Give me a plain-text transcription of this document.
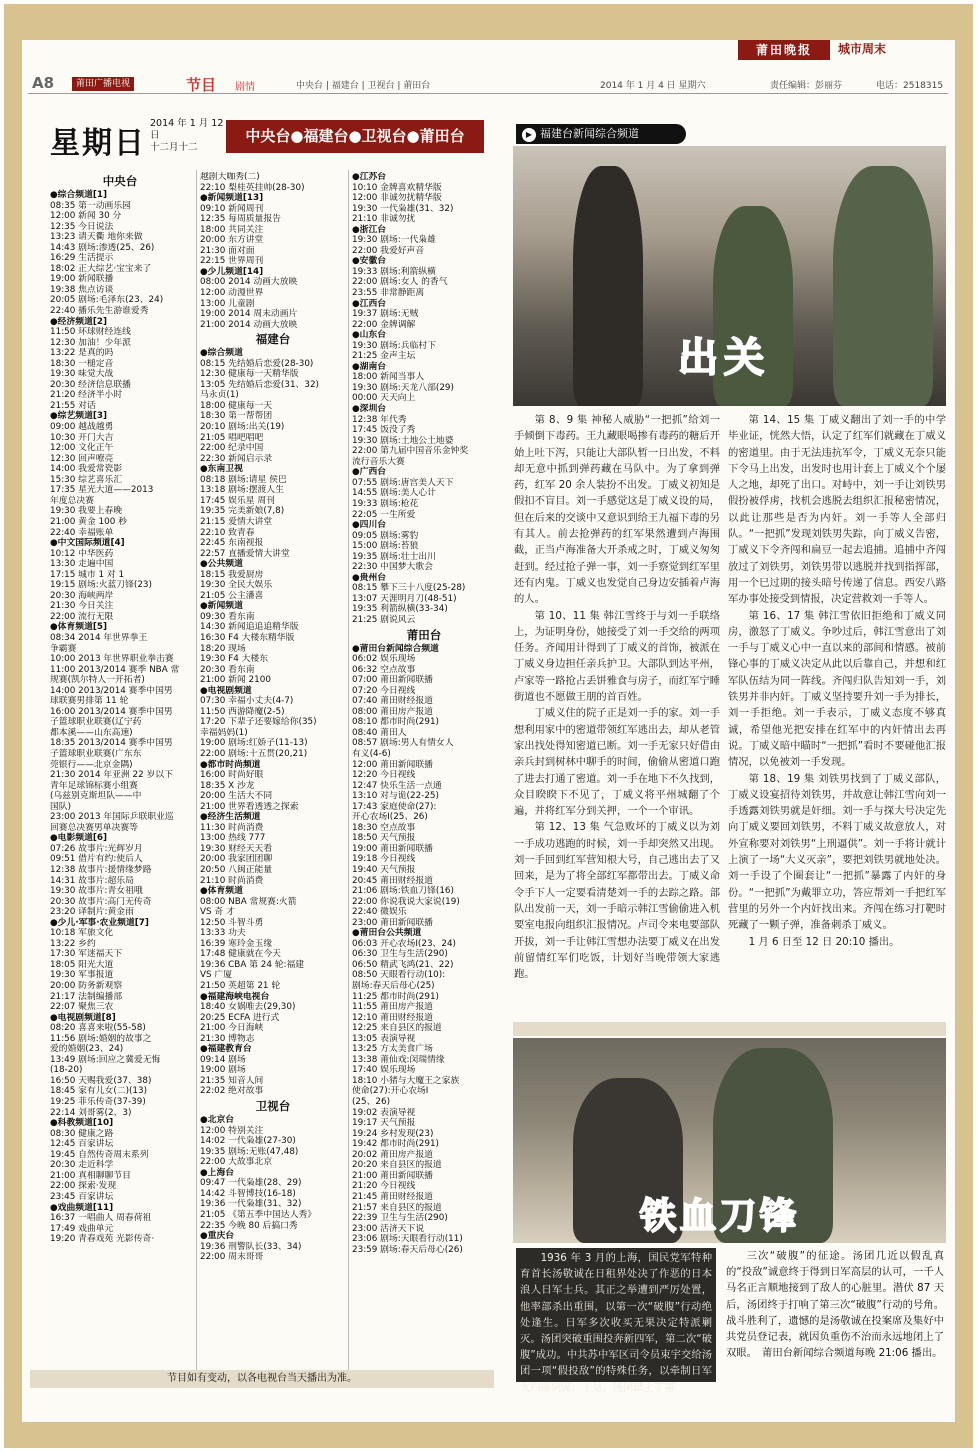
莆田晚报	城市周末
A8	莆田广播电视	节目 剧情	中央台 | 福建台 | 卫视台 | 莆田台	2014 年 1 月 4 日 星期六	责任编辑：彭丽芬	电话：2518315
星期日
2014 年 1 月 12 日
十二月十二
中央台●福建台●卫视台●莆田台
中央台
●综合频道[1]
08:35 第一动画乐园
12:00 新闻 30 分
12:35 今日说法
13:23 请天衢 地你来做
14:43 剧场:渗透(25、26)
16:29 生活提示
18:02 正大综艺·宝宝来了
19:00 新闻联播
19:38 焦点访谈
20:05 剧场:毛泽东(23、24)
22:40 播乐先生游谁爱秀
●经济频道[2]
11:50 环球财经连线
12:30 加油！少年派
13:22 是真的吗
18:30 一槌定音
19:30 味觉大战
20:30 经济信息联播
21:20 经济半小时
21:55 对话
●综艺频道[3]
09:00 越战越勇
10:30 开门大吉
12:00 文化正午
12:30 回声嘹亮
14:00 我爱常瓷影
15:30 综艺喜乐汇
17:35 星光大道——2013
年度总决赛
19:30 我要上春晚
21:00 黄金 100 秒
22:40 幸福账单
●中文国际频道[4]
10:12 中华医药
13:30 走遍中国
17:15 城市 1 对 1
19:15 剧场:火蓝刀锋(23)
20:30 海峡两岸
21:30 今日关注
22:00 流行无限
●体育频道[5]
08:34 2014 年世界拳王
争霸赛
10:00 2013 年世界职业拳击赛
11:00 2013/2014 赛季 NBA 常
规赛(凯尔特人一开拓者)
14:00 2013/2014 赛季中国男
球联赛男排第 11 轮
16:00 2013/2014 赛季中国男
子篮球职业联赛(辽宁药
都本溪——山东高速)
18:35 2013/2014 赛季中国男
子篮球职业联赛(广东东
莞银行——北京金隅)
21:30 2014 年亚洲 22 岁以下
青年足球锦标赛小组赛
(乌兹别克斯坦队——中
国队)
23:00 2013 年国际乒联职业巡
回赛总决赛男单决赛等
●电影频道[6]
07:26 故事片:光辉岁月
09:51 借片有约:使后人
12:38 故事片:援情缘梦路
14:31 故事片:超乐局
19:30 故事片:青女祖哦
20:30 故事片:高门无传奇
23:20 译制片:黄金雨
●少儿·军事·农业频道[7]
10:18 军旅文化
13:22 乡约
17:30 军迷福天下
18:05 阳光大道
19:30 军事报道
20:00 防务新观察
21:17 法制编播部
22:07 聚焦三农
●电视剧频道[8]
08:20 喜喜来啦(55-58)
11:56 剧场:婚姻的故事之
爱的婚姻(23、24)
13:49 剧场:回应之冀爱无悔
(18-20)
16:50 天赐我爱(37、38)
18:45 家有儿女(二)(13)
19:25 菲乐传奇(37-39)
22:14 刘哥雾(2、3)
●科教频道[10]
08:30 健康之路
12:45 百家讲坛
19:45 自然传奇周末系列
20:30 走近科学
21:00 真相聊聊节目
22:00 探索·发现
23:45 百家讲坛
●戏曲频道[11]
16:37 一唱曲人 周春荷祖
17:49 戏曲单元
19:20 青春戏苑 光影传奇·
越剧大咖秀(二)
22:10 梨桂英挂帅(28-30)
●新闻频道[13]
09:10 新闻周刊
12:35 每周质量报告
18:00 共同关注
20:00 东方讲堂
21:30 面对面
22:15 世界周刊
●少儿频道[14]
08:00 2014 动画大放映
12:00 动漫世界
13:00 儿童剧
19:00 2014 周末动画片
21:00 2014 动画大放映
福建台
●综合频道
08:15 先结婚后恋爱(28-30)
12:30 健康每一天精华版
13:05 先结婚后恋爱(31、32)
马永贞(1)
18:00 健康每一天
18:30 第一帮帮团
20:10 剧场:出关(19)
21:05 唱吧唱吧
22:00 纪录中国
22:30 新闻启示录
●东南卫视
08:18 剧场:请星 侯巴
13:18 剧场:摆渡人生
17:45 娱乐星 周刊
19:35 完美新娘(7,8)
21:15 爱情大讲堂
22:10 致青春
22:45 东南视报
22:57 直播爱情大讲堂
●公共频道
18:15 我爱厨房
19:30 全民大娱乐
21:05 公主潘喜
●新闻频道
09:30 看东南
14:30 新闻追追追精华版
16:30 F4 大楼东精华版
18:20 现场
19:30 F4 大楼东
20:30 看东南
21:00 新闻 2100
●电视剧频道
07:30 幸福小丈夫(4-7)
11:50 西游降魔(2-5)
17:20 下辈子还要嫁给你(35)
幸福妈妈(1)
19:00 剧场:红娇子(11-13)
22:00 剧场:十五贯(20,21)
●都市时尚频道
16:00 时尚好眼
18:35 X 沙龙
20:00 生活大不同
21:00 世界看透透之探索
●经济生活频道
11:30 时尚消费
13:00 热线 777
19:30 财经天天看
20:00 我家团团聊
20:50 八闽正能量
21:10 时尚消费
●体育频道
08:00 NBA 常规赛:火箭
VS 奇 才
12:50 斗智斗勇
13:33 功夫
16:39 寒玲金玉缘
17:48 健康就在今天
19:36 CBA 第 24 轮:福建
VS 广厦
21:50 英超第 21 轮
●福建海峡电视台
18:40 女娲唯去(29,30)
20:25 ECFA 进行式
21:00 今日海峡
21:30 博物志
●福建教育台
09:14 剧场
19:00 剧场
21:35 知音人间
22:02 绝对故事
卫视台
●北京台
12:00 特别关注
14:02 一代枭雄(27-30)
19:35 剧场:无账(47,48)
22:00 大故事北京
●上海台
09:47 一代枭雄(28、29)
14:42 斗智博技(16-18)
19:36 一代枭雄(31、32)
21:05 《第五季中国达人秀》
22:35 今晚 80 后搞口秀
●重庆台
19:36 刑警队长(33、34)
22:00 周末哥哥
●江苏台
10:10 金牌喜欢精华版
12:00 非诚勿扰精华版
19:30 一代枭雄(31、32)
21:10 非诚勿扰
●浙江台
19:30 剧场:一代枭雄
22:00 我爱好声音
●安徽台
19:33 剧场:利箭纵横
22:00 剧场:女人 的香气
23:55 非常静距离
●江西台
19:37 剧场:无贼
22:00 金牌调解
●山东台
19:30 剧场:兵临村下
21:25 金声主坛
●湖南台
18:00 新闻当事人
19:30 剧场:天龙八部(29)
00:00 天天向上
●深圳台
12:38 年代秀
17:45 饭没了秀
19:30 剧场:土地公土地婆
22:00 第九届中国音乐金钟奖
流行音乐大赛
●广西台
07:55 剧场:唐宫美人天下
14:55 剧场:美人心计
19:33 剧场:枪花
22:05 一生所爱
●四川台
09:05 剧场:雾豹
15:00 剧场:苔狼
19:35 剧场:壮士出川
22:30 中国梦大歌会
●贵州台
08:15 攀下三十八度(25-28)
13:07 天涯明月刀(48-51)
19:35 利箭纵横(33-34)
21:25 剧说风云
莆田台
●莆田台新闻综合频道
06:02 娱乐现场
06:32 空点故事
07:00 莆田新闻联播
07:20 今日视线
07:40 莆田财经报道
08:00 莆田房产报道
08:10 都市时尚(291)
08:40 莆田人
08:57 剧场:男人有情女人
有义(4-6)
12:00 莆田新闻联播
12:20 今日视线
12:47 快乐生活一点通
13:10 对与诡(22-25)
17:43 家庭使命(27):
开心农场Ⅰ(25、26)
18:30 空点故事
18:50 天气预报
19:00 莆田新闻联播
19:18 今日视线
19:40 天气预报
20:45 莆田财经报道
21:06 剧场:铁血刀锋(16)
22:00 你说我说大家说(19)
22:40 微娱乐
23:00 莆田新闻联播
●莆田台公共频道
06:03 开心农场Ⅰ(23、24)
06:30 卫生与生活(290)
06:50 精武飞鸿(21、22)
08:50 天眼看行动(10):
剧场:春天后母心(25)
11:25 都市时尚(291)
11:55 莆田房产报道
12:10 莆田财经报道
12:25 来自县区的报道
13:05 表演导视
13:25 方太美食广场
13:38 莆仙戏:闵瑞情缘
17:40 娱乐现场
18:10 小猪与大魔王之家族
使命(27):开心农场Ⅰ
(25、26)
19:02 表演导视
19:17 天气预报
19:24 乡村发现(23)
19:42 都市时尚(291)
20:02 莆田房产报道
20:20 来自县区的报道
21:00 莆田新闻联播
21:20 今日视线
21:45 莆田财经报道
21:57 来自县区的报道
22:39 卫生与生活(290)
23:00 活济天下说
23:06 剧场:天眼看行动(11)
23:59 剧场:春天后母心(26)
节目如有变动，以各电视台当天播出为准。
▶ 福建台新闻综合频道
出关

第 8、9 集 神秘人威胁“一把抓”给刘一手倾倒下毒药。王九藏眼喝掺有毒药的糖后开始上吐下泻，只能让大部队暂一日出发，不料却无意中抓到弹药藏在马队中。为了拿到弹药，红军 20 余人装扮不出发。丁威义初知是假扣不盲目。刘一手感觉这是丁威义设的局，但在后来的交谈中又意识到给王九福下毒的另有其人。前去抢弹药的红军果然遭到卢海围截，正当卢海准备大开杀戒之时，丁威义匆匆赶到。经过抢子弹一事，刘一手察觉到红军里还有内鬼。丁威义也发觉自己身边安插着卢海的人。

第 10、11 集 韩江雪终于与刘一手联络上，为证明身份，她接受了刘一手交给的两项任务。齐闻用计得到了丁威义的首饰，被派在丁威义身边担任亲兵护卫。大部队到达平州，卢家等一路抢占丢饼雅食与房子，而红军宁睡街道也不愿做王朋的首百姓。

丁威义住的院子正是刘一手的家。刘一手想利用家中的密道带领红军逃出去，却从老管家出找处得知密道已断。刘一手无家只好借由亲兵封到树林中聊手的时间，偷偷从密道口跑了进去打通了密道。刘一手在地下不久找到，众目睽睽下不见了，丁威义将平州城翻了个遍，并将红军分到关押，一个一个审讯。

第 12、13 集 气急败坏的丁威义以为刘一手成功逃跑的时候，刘一手却突然又出现。刘一手回到红军营知根大号，自己逃出去了又回来，是为了将全部红军都带出去。丁威义命令手下人一定要看清楚刘一手的去踪之路。部队出发前一天，刘一手暗示韩江雪偷偷进入机要室电报向组织汇报情况。卢司令来电要部队开拔，刘一手让韩江雪想办法要丁威义在出发前留情红军们吃饭，计划好当晚带领大家逃跑。

第 14、15 集 丁威义翻出了刘一手的中学毕业证，恍然大悟，认定了红军们就藏在丁威义的密道里。由于无法违抗军令，丁威义无奈只能下令马上出发，出发时也用计套上丁威义个个屡人之地，却死了出口。对峙中，刘一手让刘铁男假扮被俘虏，找机会逃脱去组织汇报秘密情况，以此让那些是否为内奸。刘一手等人全部归队。“一把抓”发现刘铁男失踪，向丁威义告密，丁威义下令齐闯和扁豆一起去追捕。追捕中齐闯放过了刘铁男，刘铁男带以逃脱并找到指挥部，用一个巳过期的接头暗号传递了信息。西安八路军办事处接受到情报，决定营救刘一手等人。

第 16、17 集 韩江雪依旧拒绝和丁威义同房，激怒了丁威义。争吵过后，韩江雪意出了刘一手与丁威义心中一直以来的部间和情感。被前锋心事的丁威义决定从此以后靠自己，并想和红军队伍结为同一阵线。齐闯归队告知刘一手，刘铁男并非内奸。丁威义坚持要升刘一手为排长，刘一手拒绝。刘一手表示，丁威义态度不够真诚，希望他光把安排在红军中的内奸情出去再说。丁威义暗中瞄时“一把抓”看时不要碰他汇报情况，以免被刘一手发现。

第 18、19 集 刘铁男找到了丁威义部队，丁威义设宴招待刘铁男，并故意让韩江雪向刘一手透露刘铁男就是奸细。刘一手与探大号决定先向丁威义要回刘铁男，不料丁威义故意放人，对外宣称要对刘铁男“上刑逼供”。刘一手将计就计上演了一场“大义灭亲”，要把刘铁男就地处决。刘一手设了个圈套让“一把抓”暴露了内奸的身份。“一把抓”为戴罪立功，答应帮刘一手把红军营里的另外一个内奸找出来。齐闯在练习打靶时死藏了一颗子弹，准备刺杀丁威义。

1 月 6 日至 12 日 20:10 播出。

铁血刀锋

1936 年 3 月的上海，国民党军特种育首长汤敬诚在日租界处决了作恶的日本浪人日军士兵。其正之举遭到严厉处置，他率部杀出重围，以第一次“破腹”行动绝处逢生。日军多次收买无果决定特派剿灭。汤团突破重围投奔新四军，第二次“破腹”成功。中共苏中军区司令员束宇交给汤团一项“假投敌”的特殊任务，以牵制日军大扫荡阴谋，于是，汤团踏上了第

三次“破腹”的征途。汤团几近以假乱真的“投敌”诚意终于得到日军高层的认可，一千人马名正言顺地接到了敌人的心脏里。潜伏 87 天后，汤团终于打响了第三次“破腹”行动的号角。战斗胜利了，遗憾的是汤敬诚在投案席及集好中共党员登记表，就因负重伤不治而永远地闭上了双眼。　莆田台新闻综合频道每晚 21:06 播出。
